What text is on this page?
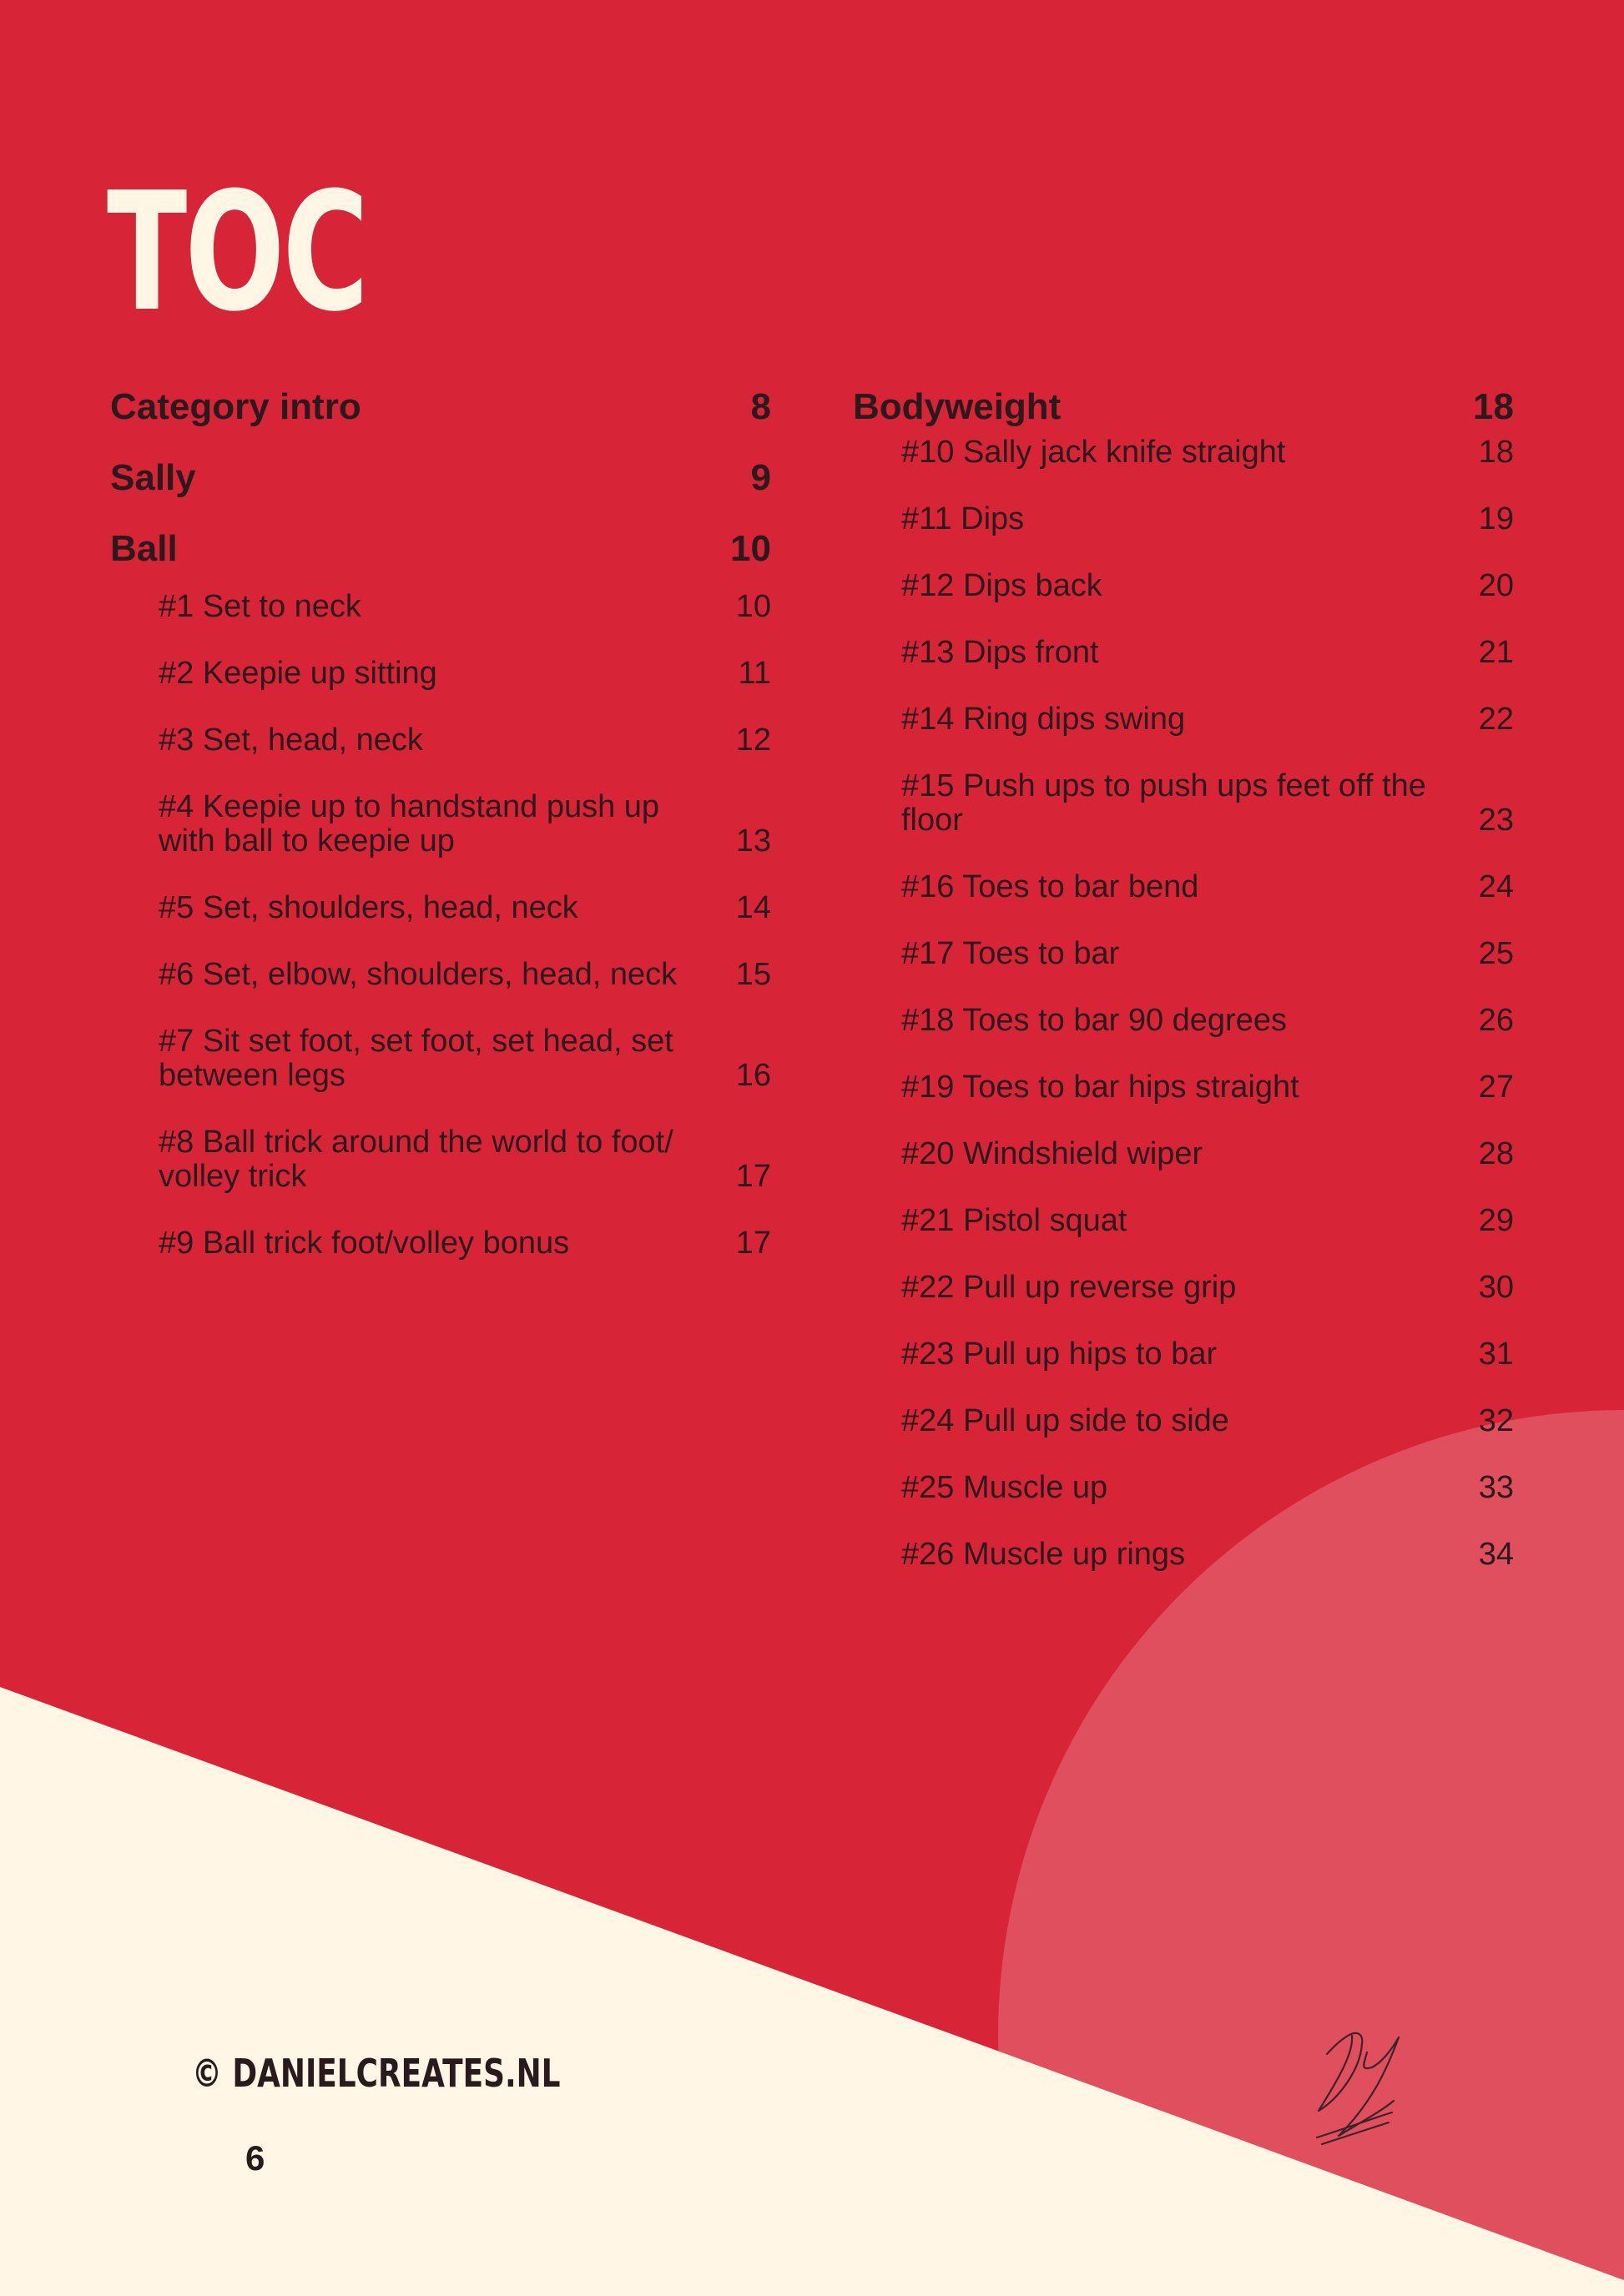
TOC
Category intro	8
Sally	9
Ball	10
#1 Set to neck	10
#2 Keepie up sitting	11
#3 Set, head, neck	12
#4 Keepie up to handstand push up with ball to keepie up	13
#5 Set, shoulders, head, neck	14
#6 Set, elbow, shoulders, head, neck	15
#7 Sit set foot, set foot, set head, set between legs	16
#8 Ball trick around the world to foot/ volley trick	17
#9 Ball trick foot/volley bonus	17
Bodyweight	18
#10 Sally jack knife straight	18
#11 Dips	19
#12 Dips back	20
#13 Dips front	21
#14 Ring dips swing	22
#15 Push ups to push ups feet off the floor	23
#16 Toes to bar bend	24
#17 Toes to bar	25
#18 Toes to bar 90 degrees	26
#19 Toes to bar hips straight	27
#20 Windshield wiper	28
#21 Pistol squat	29
#22 Pull up reverse grip	30
#23 Pull up hips to bar	31
#24 Pull up side to side	32
#25 Muscle up	33
#26 Muscle up rings	34
© DANIELCREATES.NL
6
